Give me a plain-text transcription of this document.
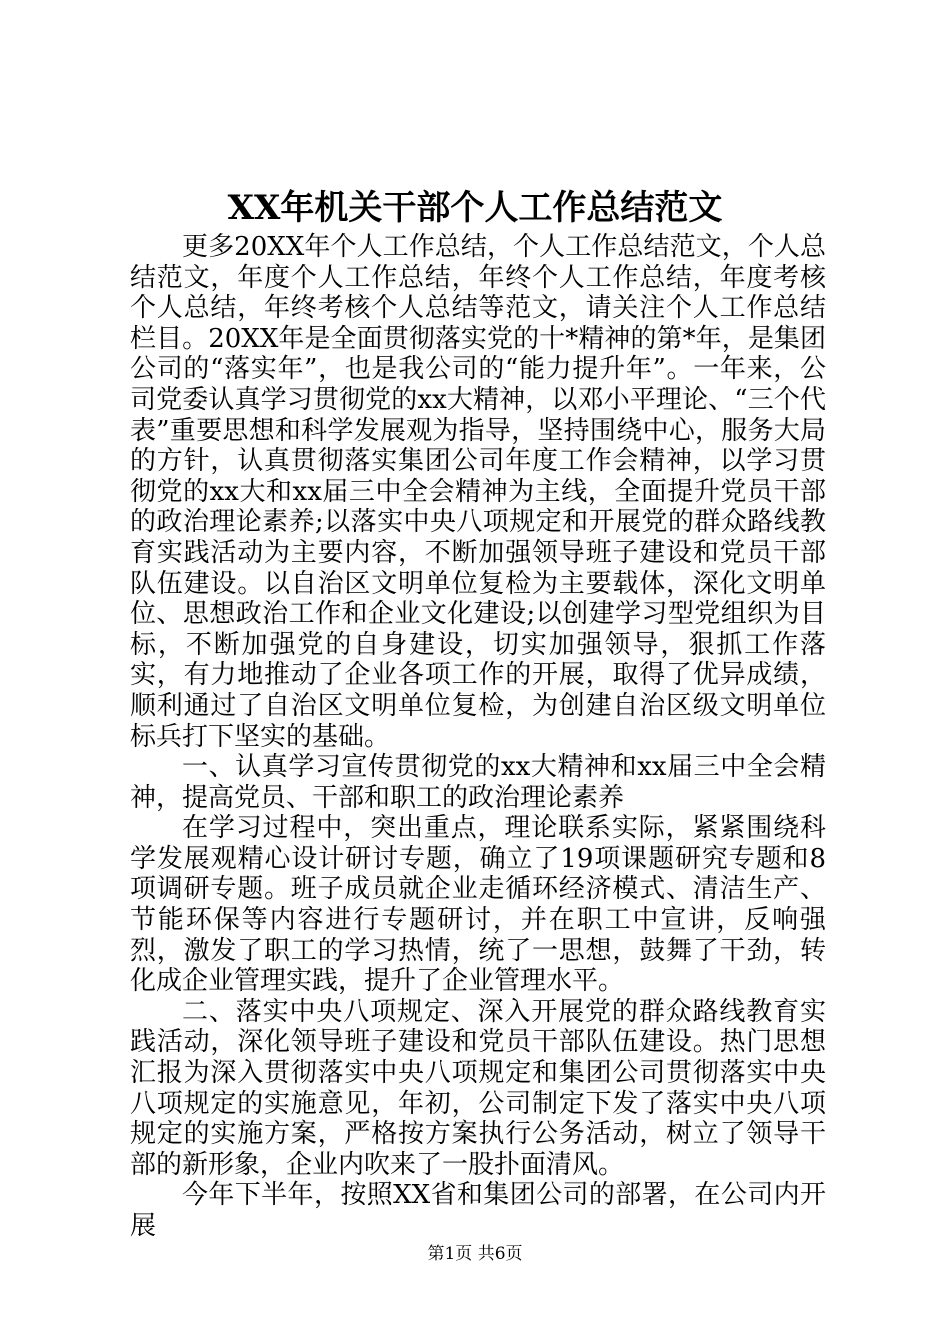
XX年机关干部个人工作总结范文

更多20XX年个人工作总结，个人工作总结范文，个人总结范文，年度个人工作总结，年终个人工作总结，年度考核个人总结，年终考核个人总结等范文，请关注个人工作总结栏目。20XX年是全面贯彻落实党的十*精神的第*年，是集团公司的“落实年”，也是我公司的“能力提升年”。一年来，公司党委认真学习贯彻党的xx大精神，以邓小平理论、“三个代表”重要思想和科学发展观为指导，坚持围绕中心，服务大局的方针，认真贯彻落实集团公司年度工作会精神，以学习贯彻党的xx大和xx届三中全会精神为主线，全面提升党员干部的政治理论素养;以落实中央八项规定和开展党的群众路线教育实践活动为主要内容，不断加强领导班子建设和党员干部队伍建设。以自治区文明单位复检为主要载体，深化文明单位、思想政治工作和企业文化建设;以创建学习型党组织为目标，不断加强党的自身建设，切实加强领导，狠抓工作落实，有力地推动了企业各项工作的开展，取得了优异成绩，顺利通过了自治区文明单位复检，为创建自治区级文明单位标兵打下坚实的基础。

一、认真学习宣传贯彻党的xx大精神和xx届三中全会精神，提高党员、干部和职工的政治理论素养

在学习过程中，突出重点，理论联系实际，紧紧围绕科学发展观精心设计研讨专题，确立了19项课题研究专题和8项调研专题。班子成员就企业走循环经济模式、清洁生产、节能环保等内容进行专题研讨，并在职工中宣讲，反响强烈，激发了职工的学习热情，统了一思想，鼓舞了干劲，转化成企业管理实践，提升了企业管理水平。

二、落实中央八项规定、深入开展党的群众路线教育实践活动，深化领导班子建设和党员干部队伍建设。热门思想汇报为深入贯彻落实中央八项规定和集团公司贯彻落实中央八项规定的实施意见，年初，公司制定下发了落实中央八项规定的实施方案，严格按方案执行公务活动，树立了领导干部的新形象，企业内吹来了一股扑面清风。

今年下半年，按照XX省和集团公司的部署，在公司内开展

第1页 共6页
